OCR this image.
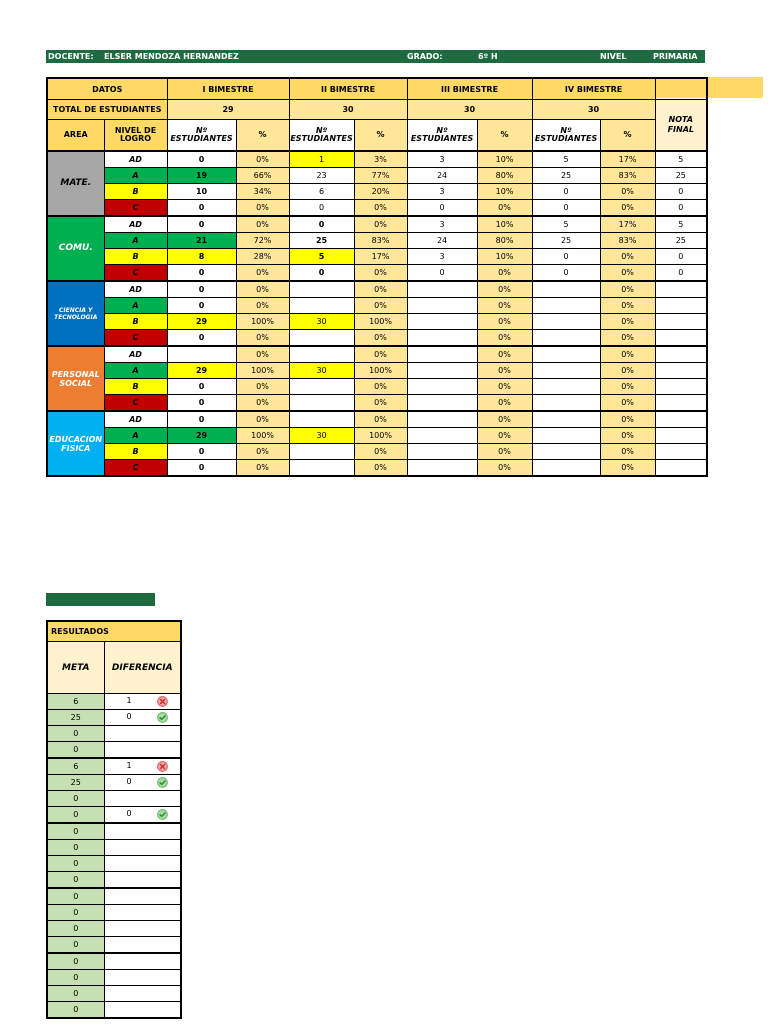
DOCENTE: ELSER MENDOZA HERNANDEZ	GRADO:	6º H	NIVEL	PRIMARIA
DATOS		I BIMESTRE		II BIMESTRE		III BIMESTRE		IV BIMESTRE		
TOTAL DE ESTUDIANTES		29		30		30		30		NOTA FINAL
AREA	NIVEL DE LOGRO	Nº ESTUDIANTES	%	Nº ESTUDIANTES	%	Nº ESTUDIANTES	%	Nº ESTUDIANTES	%	
MATE.	AD	0	0%	1	3%	3	10%	5	17%	5
	A	19	66%	23	77%	24	80%	25	83%	25
	B	10	34%	6	20%	3	10%	0	0%	0
	C	0	0%	0	0%	0	0%	0	0%	0
COMU.	AD	0	0%	0	0%	3	10%	5	17%	5
	A	21	72%	25	83%	24	80%	25	83%	25
	B	8	28%	5	17%	3	10%	0	0%	0
	C	0	0%	0	0%	0	0%	0	0%	0
CIENCIA Y TECNOLOGIA	AD	0	0%		0%		0%		0%	
	A	0	0%		0%		0%		0%	
	B	29	100%	30	100%		0%		0%	
	C	0	0%		0%		0%		0%	
PERSONAL SOCIAL	AD		0%		0%		0%		0%	
	A	29	100%	30	100%		0%		0%	
	B	0	0%		0%		0%		0%	
	C	0	0%		0%		0%		0%	
EDUCACION FISICA	AD	0	0%		0%		0%		0%	
	A	29	100%	30	100%		0%		0%	
	B	0	0%		0%		0%		0%	
	C	0	0%		0%		0%		0%	
RESULTADOS	
META	DIFERENCIA
6	1

25	0

0	

0	

6	1

25	0

0	

0	0

0	

0	

0	

0	

0	

0	

0	

0	

0	

0	

0	

0	
